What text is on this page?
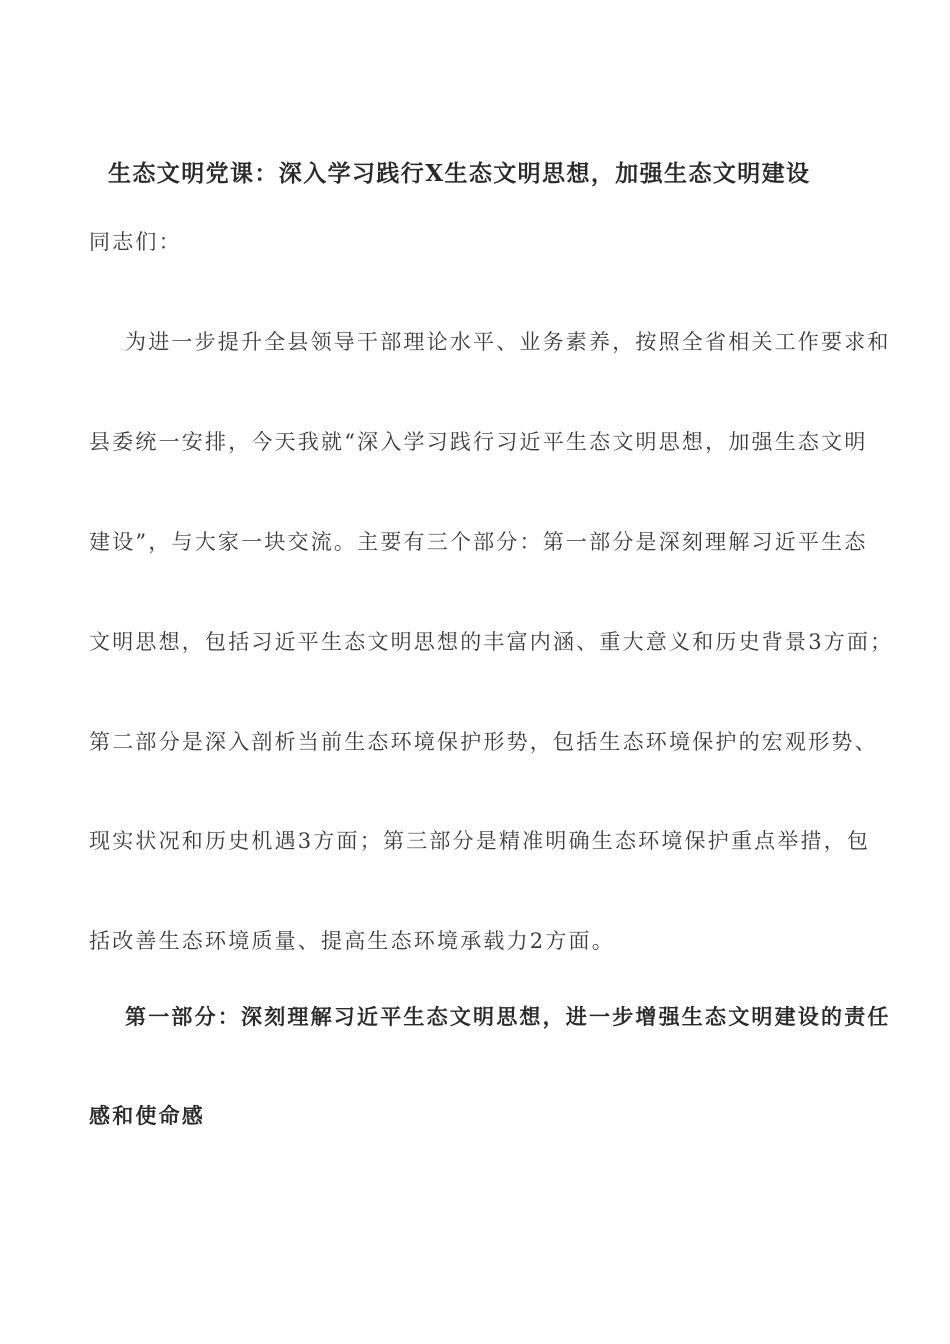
生态文明党课：深入学习践行X生态文明思想，加强生态文明建设
同志们：
为进一步提升全县领导干部理论水平、业务素养，按照全省相关工作要求和
县委统一安排，今天我就“深入学习践行习近平生态文明思想，加强生态文明
建设”，与大家一块交流。主要有三个部分：第一部分是深刻理解习近平生态
文明思想，包括习近平生态文明思想的丰富内涵、重大意义和历史背景3方面；
第二部分是深入剖析当前生态环境保护形势，包括生态环境保护的宏观形势、
现实状况和历史机遇3方面；第三部分是精准明确生态环境保护重点举措，包
括改善生态环境质量、提高生态环境承载力2方面。
第一部分：深刻理解习近平生态文明思想，进一步增强生态文明建设的责任
感和使命感
